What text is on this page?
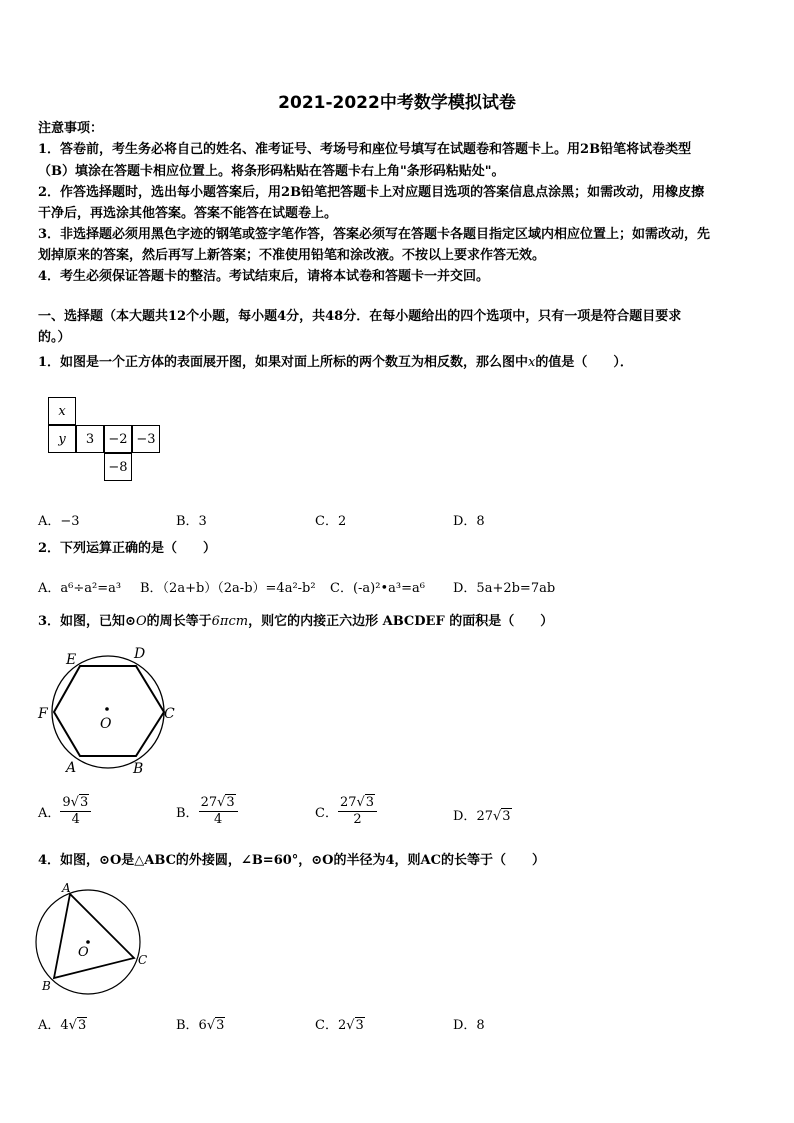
2021-2022中考数学模拟试卷
注意事项：
1．答卷前，考生务必将自己的姓名、准考证号、考场号和座位号填写在试题卷和答题卡上。用2B铅笔将试卷类型
（B）填涂在答题卡相应位置上。将条形码粘贴在答题卡右上角"条形码粘贴处"。
2．作答选择题时，选出每小题答案后，用2B铅笔把答题卡上对应题目选项的答案信息点涂黑；如需改动，用橡皮擦
干净后，再选涂其他答案。答案不能答在试题卷上。
3．非选择题必须用黑色字迹的钢笔或签字笔作答，答案必须写在答题卡各题目指定区域内相应位置上；如需改动，先
划掉原来的答案，然后再写上新答案；不准使用铅笔和涂改液。不按以上要求作答无效。
4．考生必须保证答题卡的整洁。考试结束后，请将本试卷和答题卡一并交回。
一、选择题（本大题共12个小题，每小题4分，共48分．在每小题给出的四个选项中，只有一项是符合题目要求
的。）
1．如图是一个正方体的表面展开图，如果对面上所标的两个数互为相反数，那么图中x的值是（　　）．
x
y	3	−2 −3
−8
A．−3	B．3	C．2	D．8
2．下列运算正确的是（　　）
A．a⁶÷a²=a³ B．（2a+b）（2a-b）=4a²-b² C．(-a)²•a³=a⁶ D．5a+2b=7ab
3．如图，已知⊙O的周长等于6πcm，则它的内接正六边形 ABCDEF 的面积是（　　）
E	D
F	C
O
A	B
A． $\frac{9√3}{4}$	B． $\frac{27√3}{4}$	C． $\frac{27√3}{2}$	D．27√3
4．如图，⊙O是△ABC的外接圆，∠B=60°，⊙O的半径为4，则AC的长等于（　　）
A
O	C
B
A．4√3	B．6√3	C．2√3	D．8
